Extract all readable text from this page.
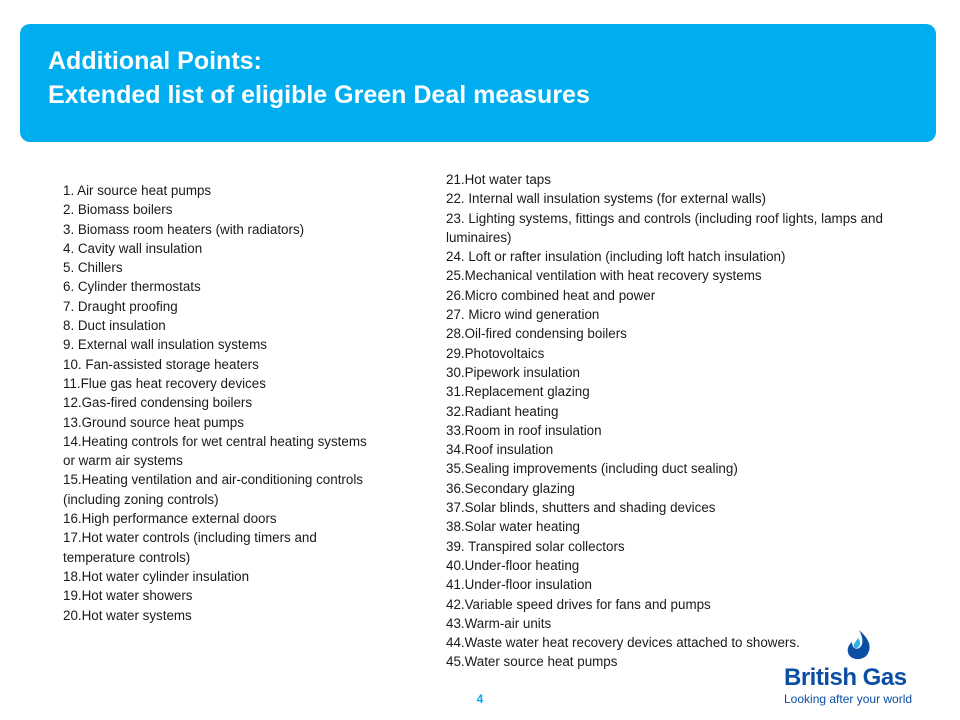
Additional Points:
Extended list of eligible Green Deal measures
1. Air source heat pumps
2. Biomass boilers
3. Biomass room heaters (with radiators)
4. Cavity wall insulation
5. Chillers
6. Cylinder thermostats
7. Draught proofing
8. Duct insulation
9. External wall insulation systems
10. Fan-assisted storage heaters
11.Flue gas heat recovery devices
12.Gas-fired condensing boilers
13.Ground source heat pumps
14.Heating controls for wet central heating systems or warm air systems
15.Heating ventilation and air-conditioning controls (including zoning controls)
16.High performance external doors
17.Hot water controls (including timers and temperature controls)
18.Hot water cylinder insulation
19.Hot water showers
20.Hot water systems
21.Hot water taps
22. Internal wall insulation systems (for external walls)
23. Lighting systems, fittings and controls (including roof lights, lamps and luminaires)
24. Loft or rafter insulation (including loft hatch insulation)
25.Mechanical ventilation with heat recovery systems
26.Micro combined heat and power
27. Micro wind generation
28.Oil-fired condensing boilers
29.Photovoltaics
30.Pipework insulation
31.Replacement glazing
32.Radiant heating
33.Room in roof insulation
34.Roof insulation
35.Sealing improvements (including duct sealing)
36.Secondary glazing
37.Solar blinds, shutters and shading devices
38.Solar water heating
39. Transpired solar collectors
40.Under-floor heating
41.Under-floor insulation
42.Variable speed drives for fans and pumps
43.Warm-air units
44.Waste water heat recovery devices attached to showers.
45.Water source heat pumps
4
British Gas
Looking after your world
